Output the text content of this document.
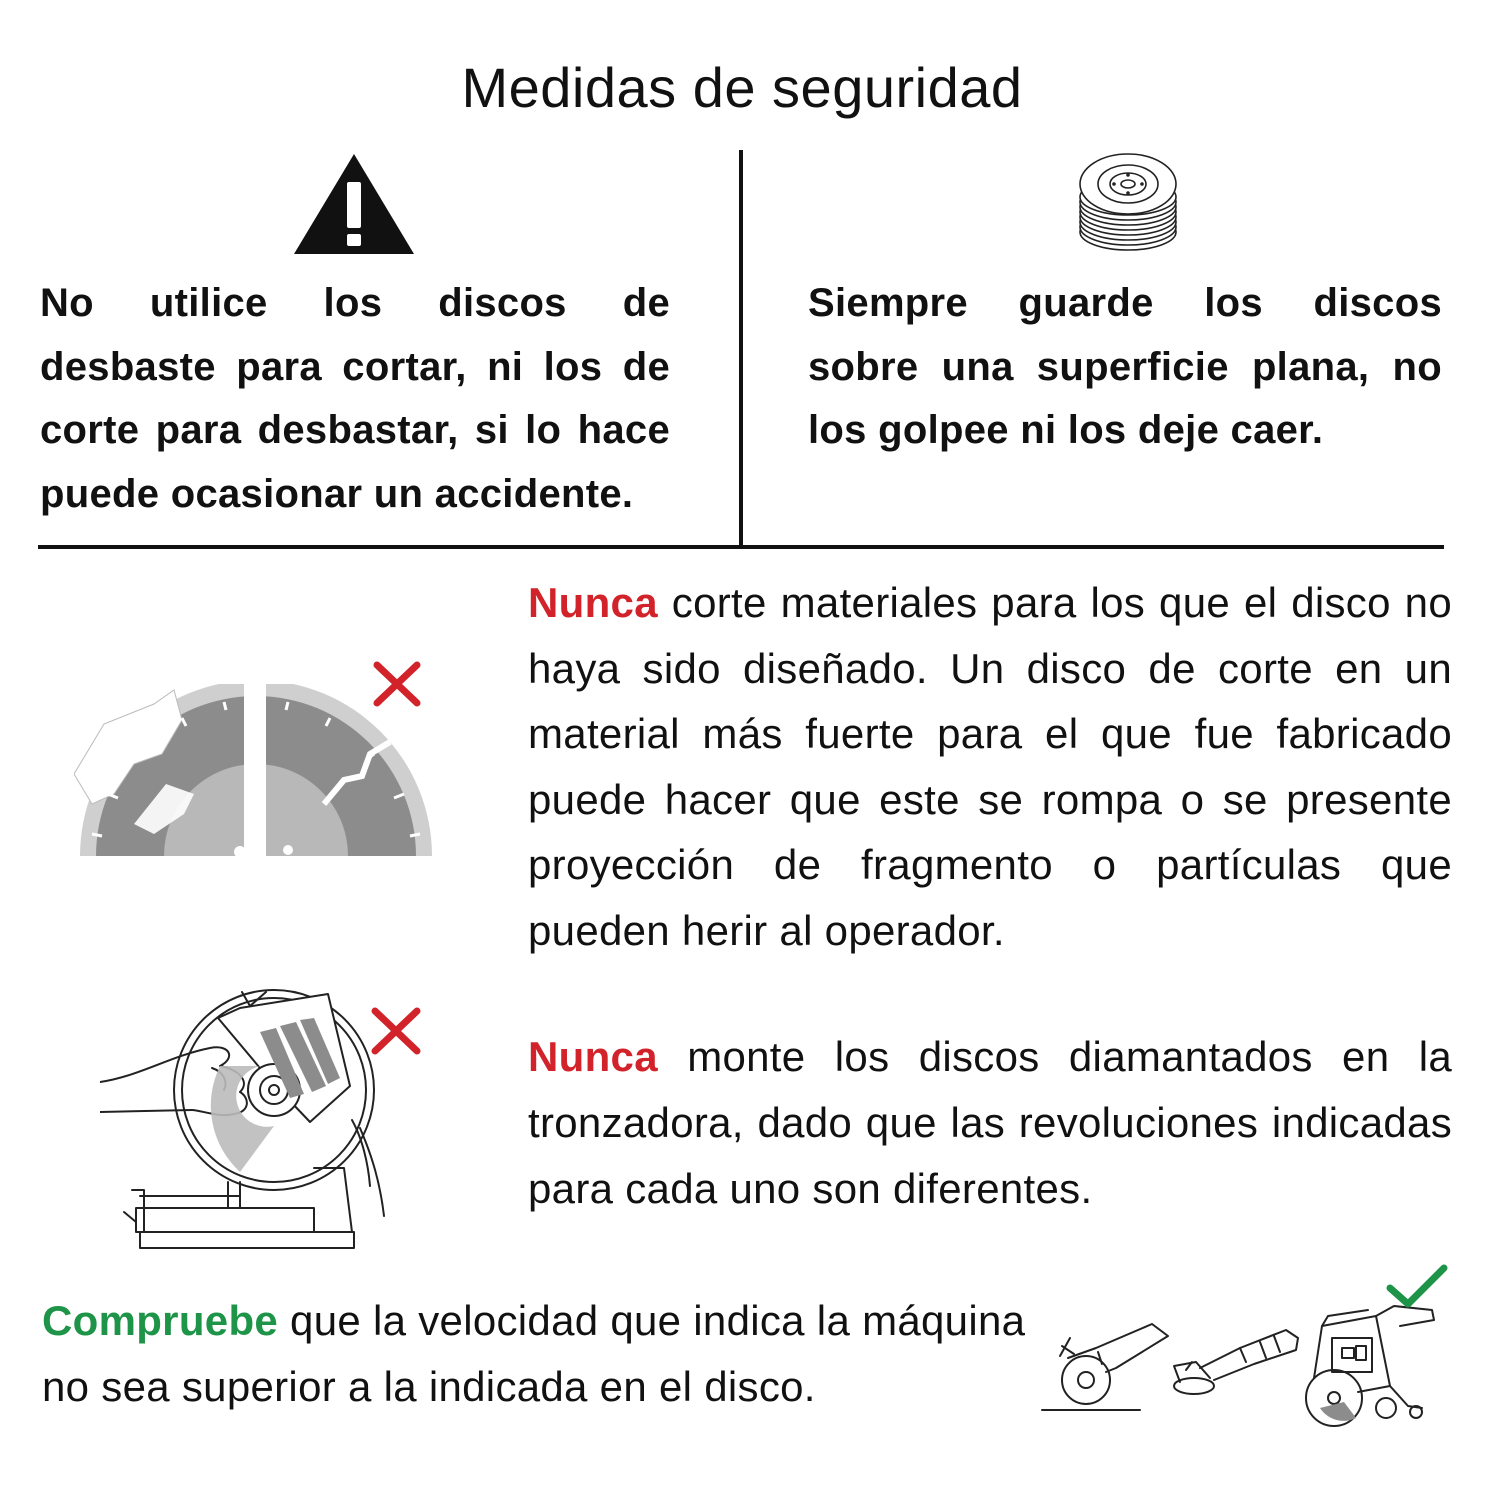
Medidas de seguridad
No utilice los discos de desbaste para cortar, ni los de corte para desbastar, si lo hace puede ocasionar un accidente.
Siempre guarde los discos sobre una superficie plana, no los golpee ni los deje caer.
Nunca corte materiales para los que el disco no haya sido diseñado. Un disco de corte en un material más fuerte para el que fue fabricado puede hacer que este se rompa o se presente proyección de fragmento o partículas que pueden herir al operador.
Nunca monte los discos diamantados en la tronzadora, dado que las revoluciones indicadas para cada uno son diferentes.
Compruebe que la velocidad que indica la máquina no sea superior a la indicada en el disco.
